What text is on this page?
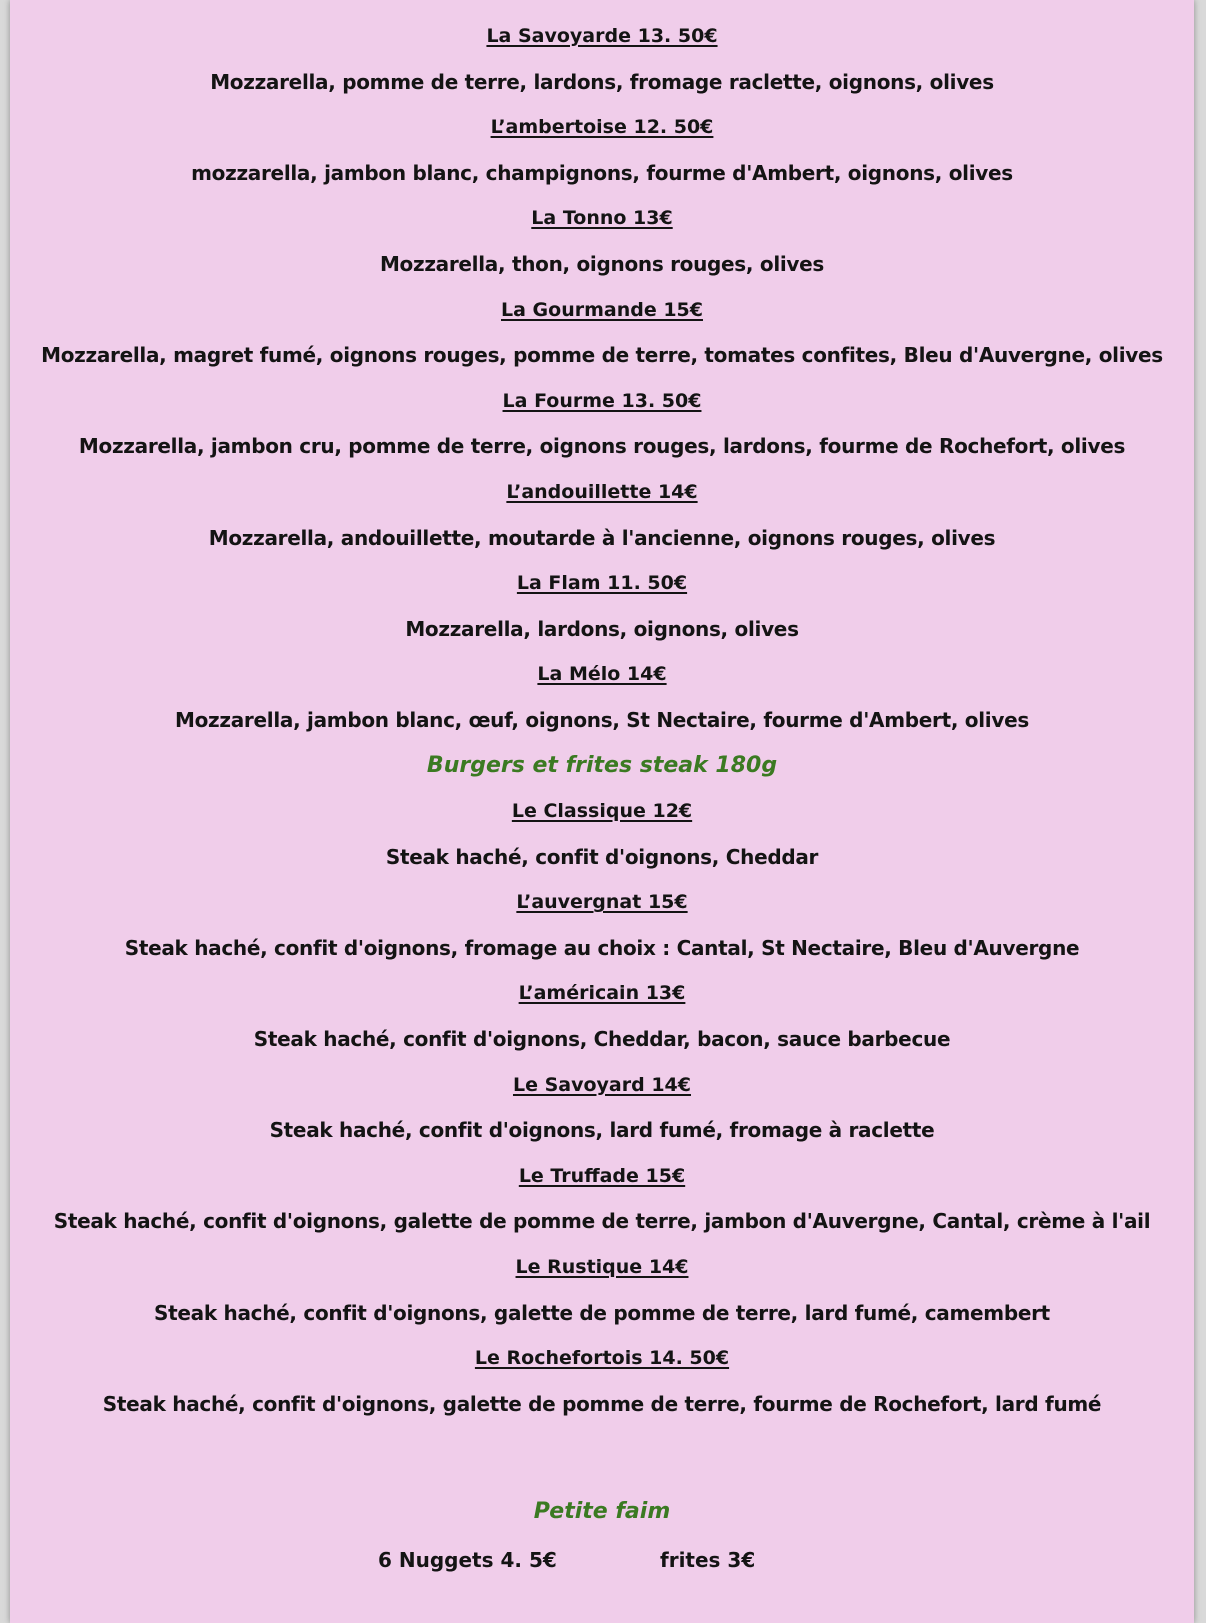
La Savoyarde 13. 50€
Mozzarella, pomme de terre, lardons, fromage raclette, oignons, olives
L’ambertoise 12. 50€
mozzarella, jambon blanc, champignons, fourme d'Ambert, oignons, olives
La Tonno 13€
Mozzarella, thon, oignons rouges, olives
La Gourmande 15€
Mozzarella, magret fumé, oignons rouges, pomme de terre, tomates confites, Bleu d'Auvergne, olives
La Fourme 13. 50€
Mozzarella, jambon cru, pomme de terre, oignons rouges, lardons, fourme de Rochefort, olives
L’andouillette 14€
Mozzarella, andouillette, moutarde à l'ancienne, oignons rouges, olives
La Flam 11. 50€
Mozzarella, lardons, oignons, olives
La Mélo 14€
Mozzarella, jambon blanc, œuf, oignons, St Nectaire, fourme d'Ambert, olives
Burgers et frites steak 180g
Le Classique 12€
Steak haché, confit d'oignons, Cheddar
L’auvergnat 15€
Steak haché, confit d'oignons, fromage au choix : Cantal, St Nectaire, Bleu d'Auvergne
L’américain 13€
Steak haché, confit d'oignons, Cheddar, bacon, sauce barbecue
Le Savoyard 14€
Steak haché, confit d'oignons, lard fumé, fromage à raclette
Le Truffade 15€
Steak haché, confit d'oignons, galette de pomme de terre, jambon d'Auvergne, Cantal, crème à l'ail
Le Rustique 14€
Steak haché, confit d'oignons, galette de pomme de terre, lard fumé, camembert
Le Rochefortois 14. 50€
Steak haché, confit d'oignons, galette de pomme de terre, fourme de Rochefort, lard fumé
Petite faim
6 Nuggets 4. 5€	frites 3€
